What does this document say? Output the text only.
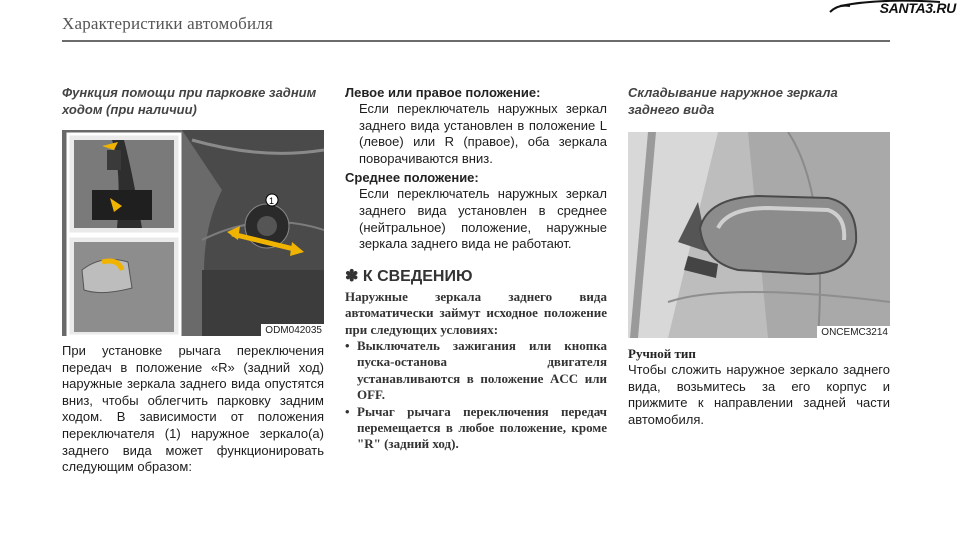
Характеристики автомобиля
SANTA3.RU
Функция помощи при парковке задним ходом (при наличии)
1
ODM042035
При установке рычага переключения передач в положение «R» (задний ход) наружные зеркала заднего вида опустятся вниз, чтобы облегчить парковку задним ходом. В зависимости от положения переключателя (1) наружное зеркало(а) заднего вида может функционировать следующим образом:
Левое или правое положение:
Если переключатель наружных зеркал заднего вида установлен в положение L (левое) или R (правое), оба зеркала поворачиваются вниз.
Среднее положение:
Если переключатель наружных зеркал заднего вида установлен в среднее (нейтральное) положение, наружные зеркала заднего вида не работают.
✽ К СВЕДЕНИЮ
Наружные зеркала заднего вида автоматически займут исходное положение при следующих условиях:
• Выключатель зажигания или кнопка пуска-останова двигателя устанавливаются в положение ACC или OFF.
• Рычаг рычага переключения передач перемещается в любое положение, кроме "R" (задний ход).
Складывание наружное зеркала заднего вида
ONCEMC3214
Ручной тип
Чтобы сложить наружное зеркало заднего вида, возьмитесь за его корпус и прижмите к направлении задней части автомобиля.
